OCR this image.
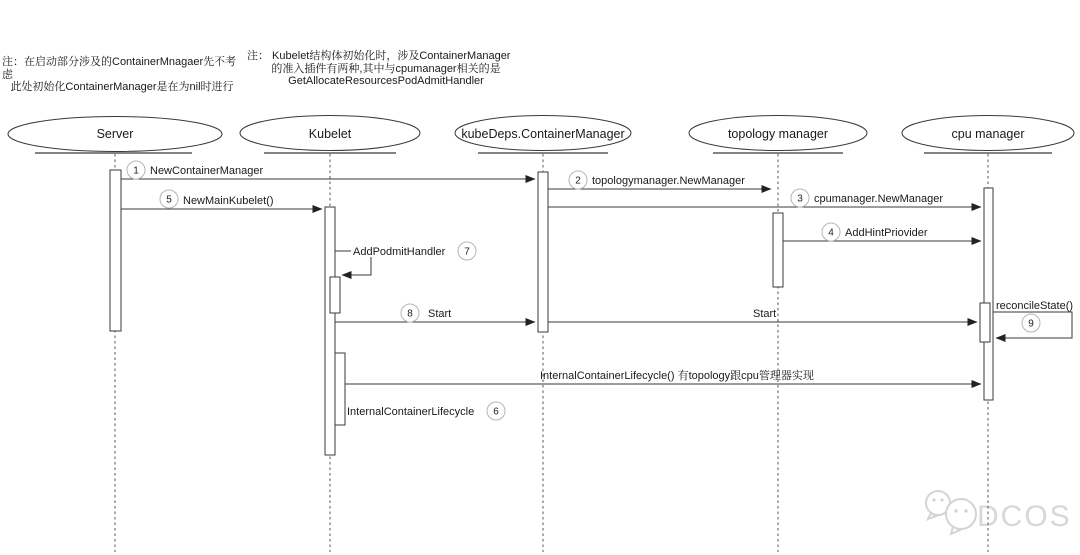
注：在启动部分涉及的ContainerMnagaer先不考虑
此处初始化ContainerManager是在为nil时进行
注： Kubelet结构体初始化时，涉及ContainerManager
的准入插件有两种,其中与cpumanager相关的是
GetAllocateResourcesPodAdmitHandler
DCOS
Server	Kubelet	kubeDeps.ContainerManager	topology manager	cpu manager
1 NewContainerManager
5 NewMainKubelet()
2 topologymanager.NewManager
3 cpumanager.NewManager
4 AddHintPriovider
AddPodmitHandler 7
8 Start	Start
reconcileState()
9
InternalContainerLifecycle() 有topology跟cpu管理器实现
InternalContainerLifecycle 6
